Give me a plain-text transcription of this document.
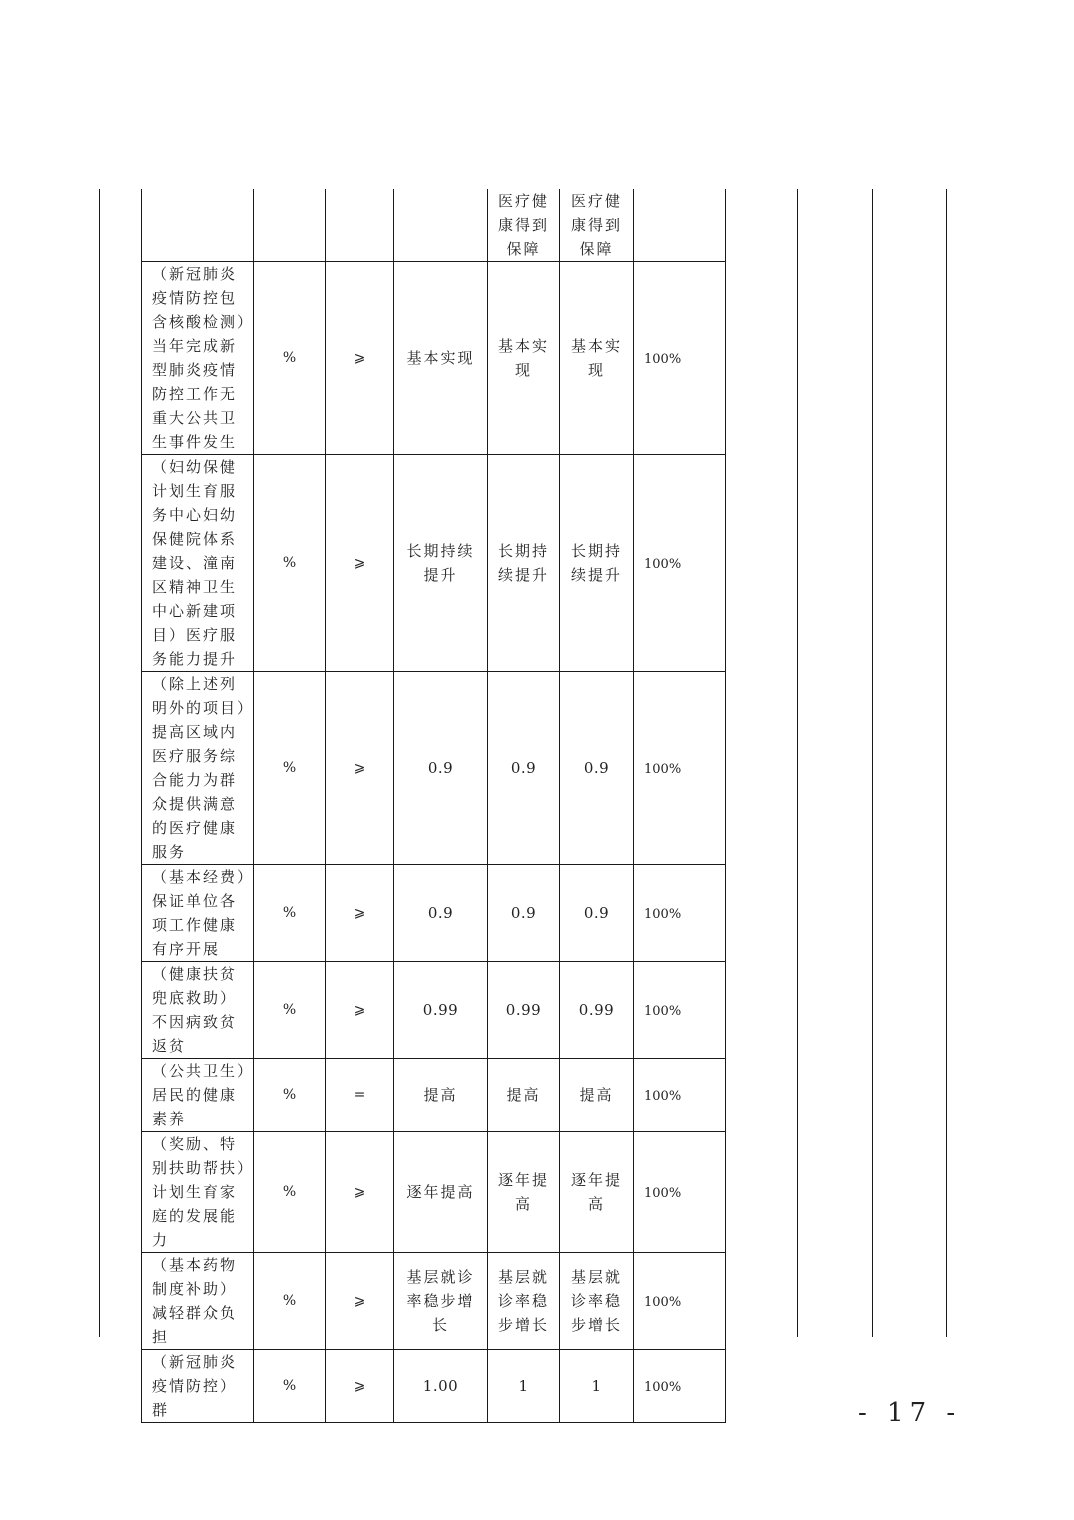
				医疗健康得到保障	医疗健康得到保障	

（新冠肺炎疫情防控包含核酸检测）当年完成新型肺炎疫情防控工作无重大公共卫生事件发生	%	⩾	基本实现	基本实现	基本实现	100%
（妇幼保健计划生育服务中心妇幼保健院体系建设、潼南区精神卫生中心新建项目）医疗服务能力提升	%	⩾	长期持续提升	长期持续提升	长期持续提升	100%
（除上述列明外的项目）提高区域内医疗服务综合能力为群众提供满意的医疗健康服务	%	⩾	0.9	0.9	0.9	100%
（基本经费）保证单位各项工作健康有序开展	%	⩾	0.9	0.9	0.9	100%
（健康扶贫兜底救助）不因病致贫返贫	%	⩾	0.99	0.99	0.99	100%
（公共卫生）居民的健康素养	%	=	提高	提高	提高	100%
（奖励、特别扶助帮扶）计划生育家庭的发展能力	%	⩾	逐年提高	逐年提高	逐年提高	100%
（基本药物制度补助）减轻群众负担	%	⩾	基层就诊率稳步增长	基层就诊率稳步增长	基层就诊率稳步增长	100%
（新冠肺炎疫情防控）群	%	⩾	1.00	1	1	100%
- 17 -
